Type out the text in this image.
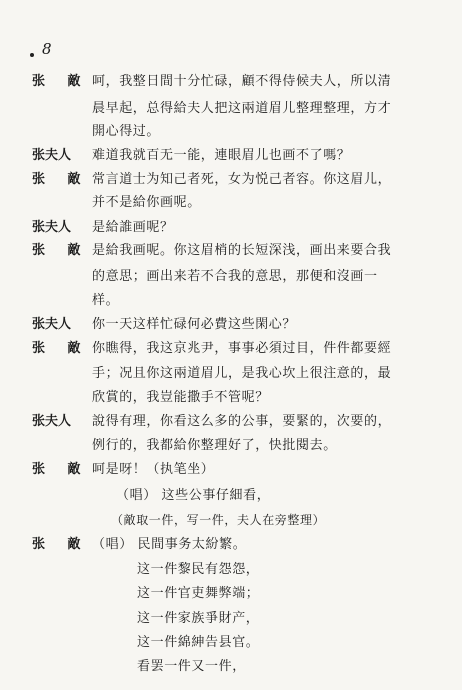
8
张 敵 呵，我整日間十分忙碌，顧不得侍候夫人，所以清
晨早起，总得給夫人把这兩道眉儿整理整理，方才
開心得过。
张夫人 难道我就百无一能，連眼眉儿也画不了嗎？
张 敵 常言道士为知己者死，女为悦己者容。你这眉儿，
并不是給你画呢。
张夫人 是給誰画呢？
张 敵 是給我画呢。你这眉梢的长短深浅，画出来要合我
的意思；画出来若不合我的意思，那便和沒画一
样。
张夫人 你一天这样忙碌何必費这些閑心？
张 敵 你瞧得，我这京兆尹，事事必須过目，件件都要經
手；况且你这兩道眉儿，是我心坎上很注意的，最
欣賞的，我豈能撒手不管呢？
张夫人 說得有理，你看这么多的公事，要緊的，次要的，
例行的，我都給你整理好了，快批閱去。
张 敵 呵是呀！（执笔坐）
（唱） 这些公事仔細看，
（敵取一件，写一件，夫人在旁整理）
张 敵 （唱） 民間事务太紛繁。
这一件黎民有怨怨，
这一件官吏舞弊端；
这一件家族爭財产，
这一件綿紳告县官。
看罢一件又一件，
